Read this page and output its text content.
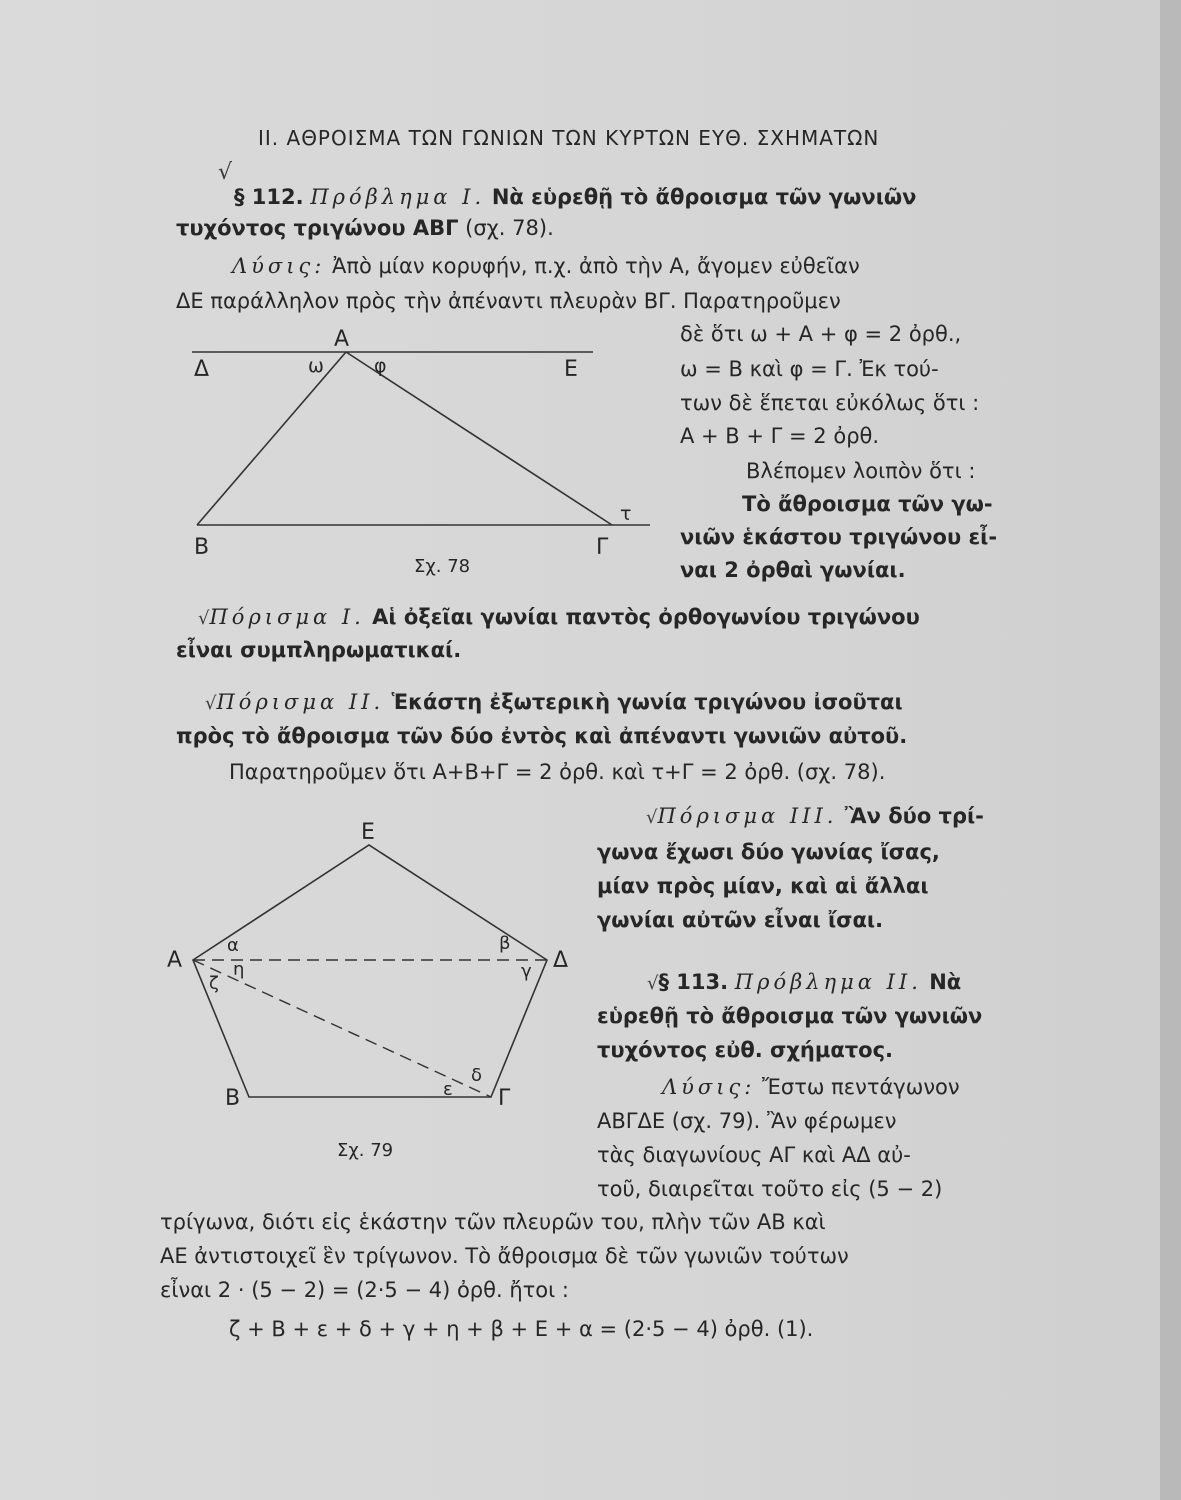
II. ΑΘΡΟΙΣΜΑ ΤΩΝ ΓΩΝΙΩΝ ΤΩΝ ΚΥΡΤΩΝ ΕΥΘ. ΣΧΗΜΑΤΩΝ
√
§ 112. Πρόβλημα Ι. Νὰ εὑρεθῇ τὸ ἄθροισμα τῶν γωνιῶν
τυχόντος τριγώνου ΑΒΓ (σχ. 78).
Λύσις: Ἀπὸ μίαν κορυφήν, π.χ. ἀπὸ τὴν Α, ἄγομεν εὐθεῖαν
ΔΕ παράλληλον πρὸς τὴν ἀπέναντι πλευρὰν ΒΓ. Παρατηροῦμεν
δὲ ὅτι ω + Α + φ = 2 ὀρθ.,
ω = Β καὶ φ = Γ. Ἐκ τού-
των δὲ ἕπεται εὐκόλως ὅτι :
Α + Β + Γ = 2 ὀρθ.
Βλέπομεν λοιπὸν ὅτι :
Τὸ ἄθροισμα τῶν γω-
νιῶν ἑκάστου τριγώνου εἶ-
ναι 2 ὀρθαὶ γωνίαι.
Α
Δ	Ε
ω	φ
Β	Γ
τ
Σχ. 78
√Πόρισμα Ι. Αἱ ὀξεῖαι γωνίαι παντὸς ὀρθογωνίου τριγώνου
εἶναι συμπληρωματικαί.
√Πόρισμα ΙΙ. Ἑκάστη ἐξωτερικὴ γωνία τριγώνου ἰσοῦται
πρὸς τὸ ἄθροισμα τῶν δύο ἐντὸς καὶ ἀπέναντι γωνιῶν αὐτοῦ.
Παρατηροῦμεν ὅτι Α+Β+Γ = 2 ὀρθ. καὶ τ+Γ = 2 ὀρθ. (σχ. 78).
√Πόρισμα ΙΙΙ. Ἂν δύο τρί-
γωνα ἔχωσι δύο γωνίας ἴσας,
μίαν πρὸς μίαν, καὶ αἱ ἄλλαι
γωνίαι αὐτῶν εἶναι ἴσαι.
Ε
Α	Δ
Β	Γ
α
η
ζ
β
γ
δ
ε
Σχ. 79
√§ 113. Πρόβλημα ΙΙ. Νὰ
εὑρεθῇ τὸ ἄθροισμα τῶν γωνιῶν
τυχόντος εὐθ. σχήματος.
Λύσις: Ἔστω πεντάγωνον
ΑΒΓΔΕ (σχ. 79). Ἂν φέρωμεν
τὰς διαγωνίους ΑΓ καὶ ΑΔ αὐ-
τοῦ, διαιρεῖται τοῦτο εἰς (5 − 2)
τρίγωνα, διότι εἰς ἑκάστην τῶν πλευρῶν του, πλὴν τῶν ΑΒ καὶ
ΑΕ ἀντιστοιχεῖ ἓν τρίγωνον. Τὸ ἄθροισμα δὲ τῶν γωνιῶν τούτων
εἶναι 2 · (5 − 2) = (2·5 − 4) ὀρθ. ἤτοι :
ζ + Β + ε + δ + γ + η + β + Ε + α = (2·5 − 4) ὀρθ. (1).
